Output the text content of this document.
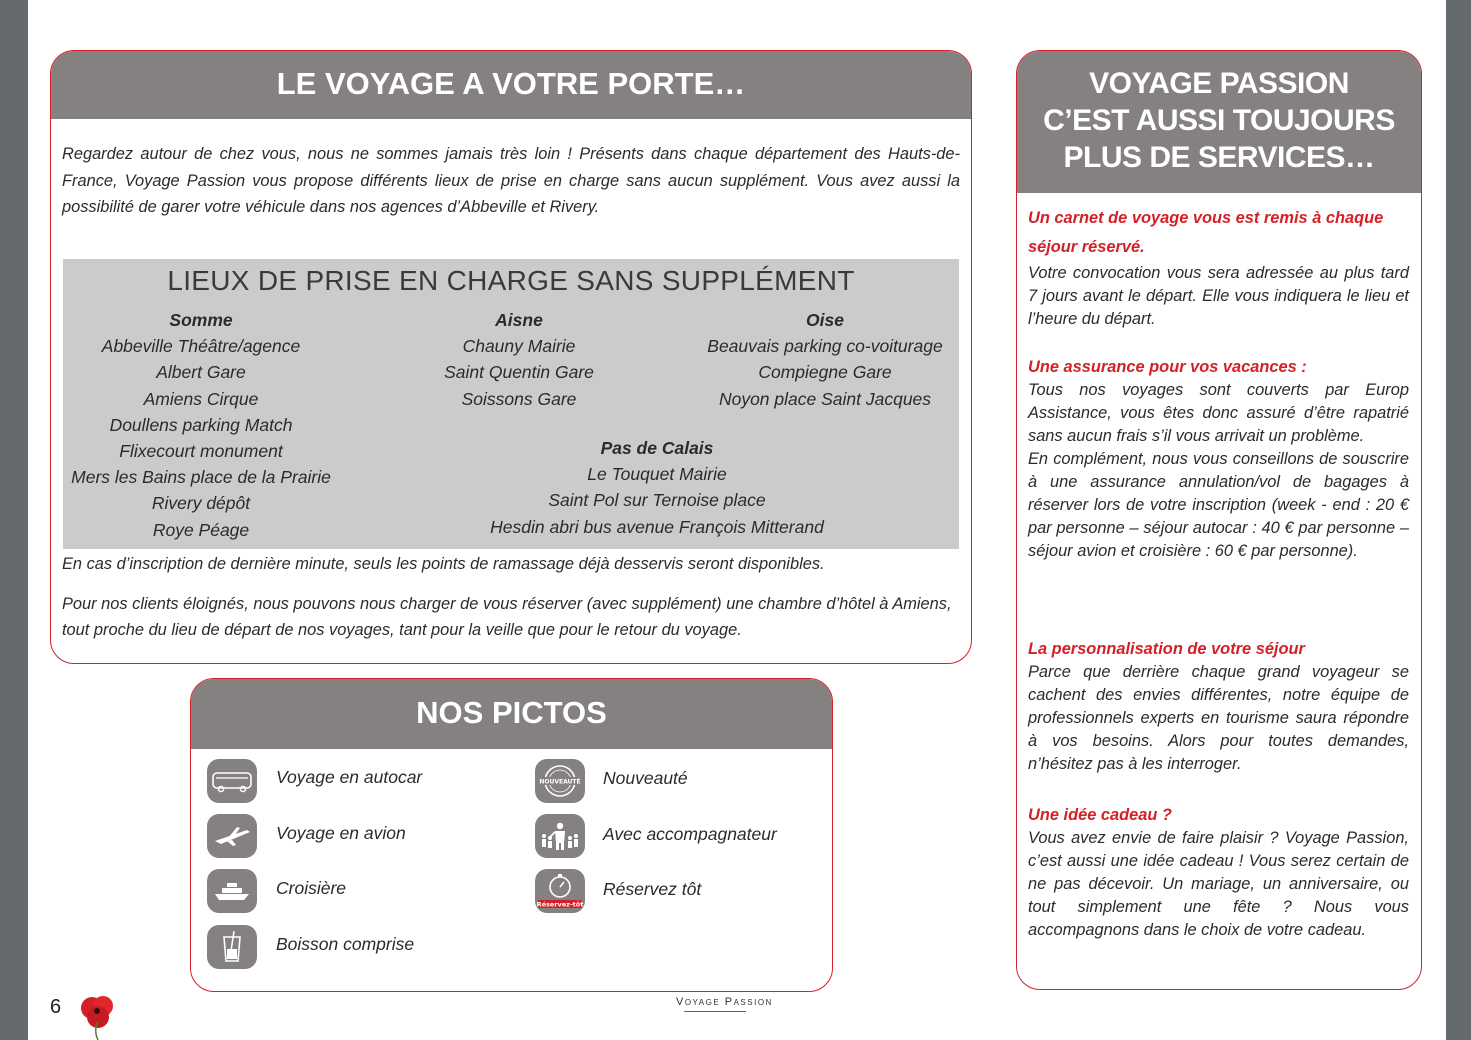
LE VOYAGE A VOTRE PORTE…
Regardez autour de chez vous, nous ne sommes jamais très loin ! Présents dans chaque département des Hauts-de-France, Voyage Passion vous propose différents lieux de prise en charge sans aucun supplément. Vous avez aussi la possibilité de garer votre véhicule dans nos agences d’Abbeville et Rivery.
LIEUX DE PRISE EN CHARGE SANS SUPPLÉMENT
Somme
Abbeville Théâtre/agence
Albert Gare
Amiens Cirque
Doullens parking Match
Flixecourt monument
Mers les Bains place de la Prairie
Rivery dépôt
Roye Péage
Aisne
Chauny Mairie
Saint Quentin Gare
Soissons Gare
Oise
Beauvais parking co-voiturage
Compiegne Gare
Noyon place Saint Jacques
Pas de Calais
Le Touquet Mairie
Saint Pol sur Ternoise place
Hesdin abri bus avenue François Mitterand
En cas d’inscription de dernière minute, seuls les points de ramassage déjà desservis seront disponibles.
Pour nos clients éloignés, nous pouvons nous charger de vous réserver (avec supplément) une chambre d’hôtel à Amiens, tout proche du lieu de départ de nos voyages, tant pour la veille que pour le retour du voyage.
NOS PICTOS
Voyage en autocar
Voyage en avion
Croisière
Boisson comprise
NOUVEAUTÉ Nouveauté
Avec accompagnateur
Réservez-tôt
Réservez tôt
VOYAGE PASSION
C’EST AUSSI TOUJOURS
PLUS DE SERVICES…
Un carnet de voyage vous est remis à chaque séjour réservé.
Votre convocation vous sera adressée au plus tard 7 jours avant le départ. Elle vous indiquera le lieu et l’heure du départ.
Une assurance pour vos vacances :
Tous nos voyages sont couverts par Europ Assistance, vous êtes donc assuré d’être rapatrié sans aucun frais s’il vous arrivait un problème.
En complément, nous vous conseillons de souscrire à une assurance annulation/vol de bagages à réserver lors de votre inscription (week - end : 20 € par personne – séjour autocar : 40 € par personne – séjour avion et croisière : 60 € par personne).
La personnalisation de votre séjour
Parce que derrière chaque grand voyageur se cachent des envies différentes, notre équipe de professionnels experts en tourisme saura répondre à vos besoins. Alors pour toutes demandes, n’hésitez pas à les interroger.
Une idée cadeau ?
Vous avez envie de faire plaisir ? Voyage Passion, c’est aussi une idée cadeau ! Vous serez certain de ne pas décevoir. Un mariage, un anniversaire, ou tout simplement une fête ? Nous vous accompagnons dans le choix de votre cadeau.
6	Voyage Passion
